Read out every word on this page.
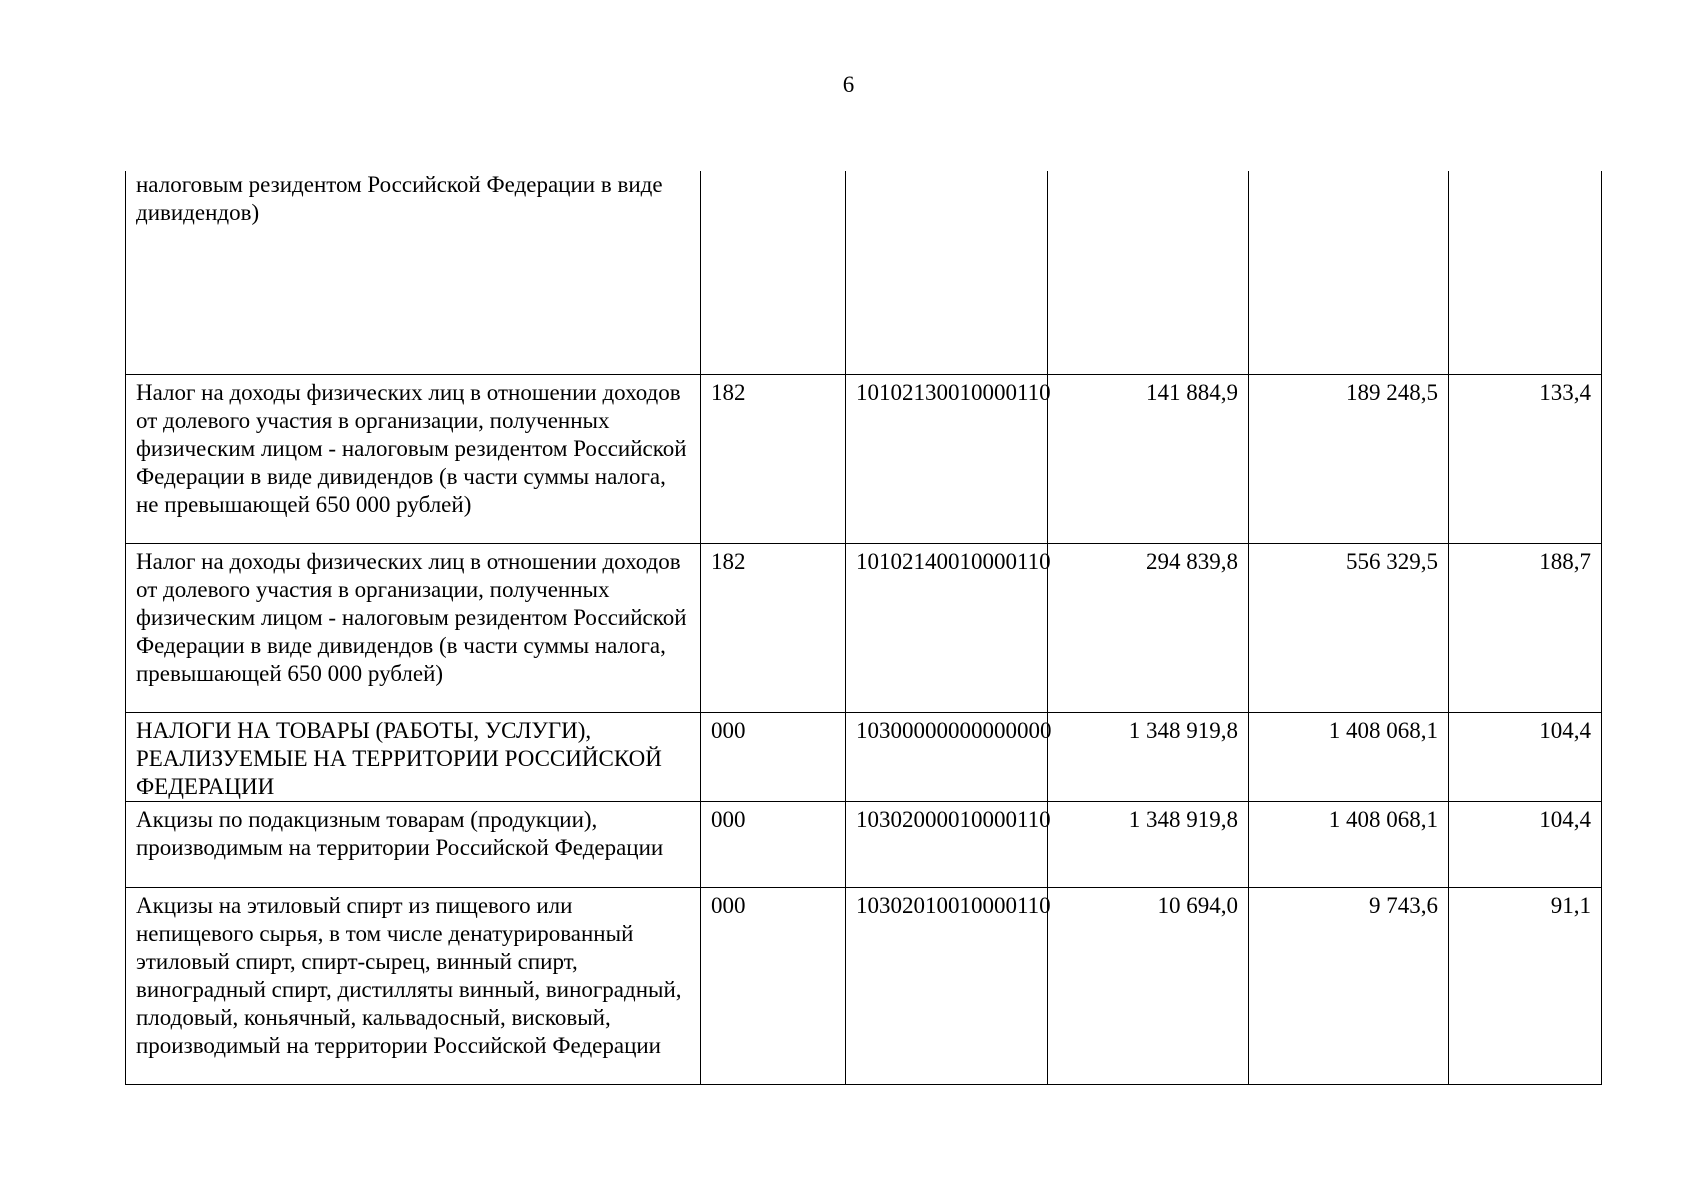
6
налоговым резидентом Российской Федерации в виде дивидендов)					
Налог на доходы физических лиц в отношении доходов от долевого участия в организации, полученных физическим лицом - налоговым резидентом Российской Федерации в виде дивидендов (в части суммы налога, не превышающей 650 000 рублей)	182	10102130010000110	141 884,9	189 248,5	133,4
Налог на доходы физических лиц в отношении доходов от долевого участия в организации, полученных физическим лицом - налоговым резидентом Российской Федерации в виде дивидендов (в части суммы налога, превышающей 650 000 рублей)	182	10102140010000110	294 839,8	556 329,5	188,7
НАЛОГИ НА ТОВАРЫ (РАБОТЫ, УСЛУГИ), РЕАЛИЗУЕМЫЕ НА ТЕРРИТОРИИ РОССИЙСКОЙ ФЕДЕРАЦИИ	000	10300000000000000	1 348 919,8	1 408 068,1	104,4
Акцизы по подакцизным товарам (продукции), производимым на территории Российской Федерации	000	10302000010000110	1 348 919,8	1 408 068,1	104,4
Акцизы на этиловый спирт из пищевого или непищевого сырья, в том числе денатурированный этиловый спирт, спирт-сырец, винный спирт, виноградный спирт, дистилляты винный, виноградный, плодовый, коньячный, кальвадосный, висковый, производимый на территории Российской Федерации	000	10302010010000110	10 694,0	9 743,6	91,1
